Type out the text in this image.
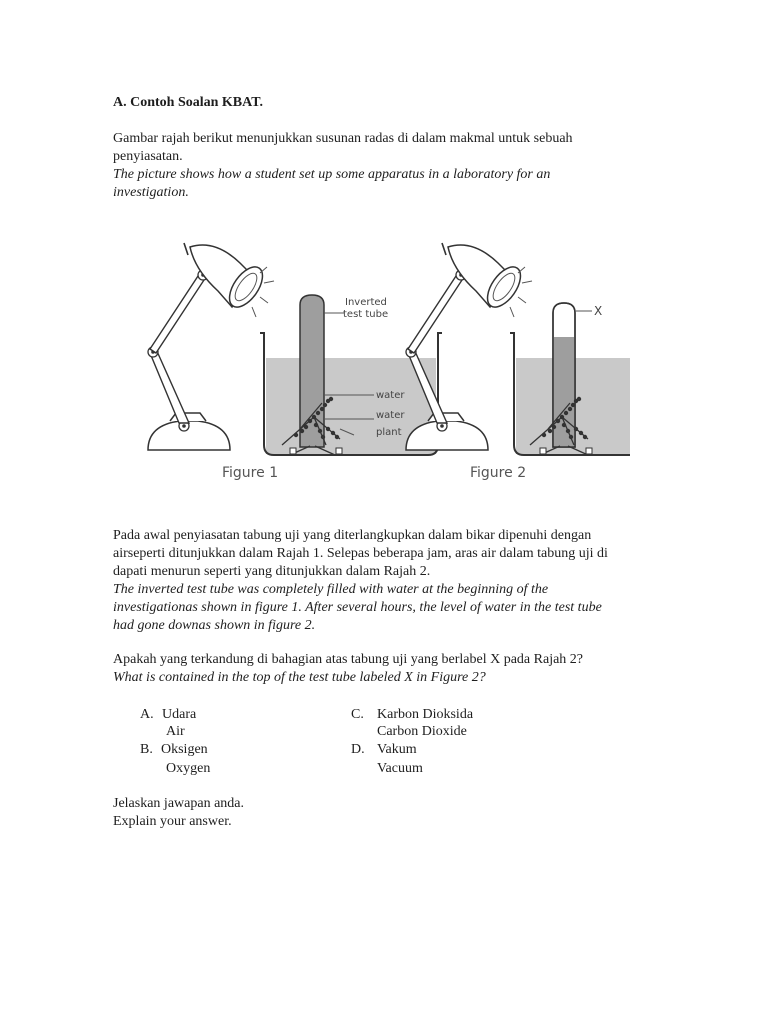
A. Contoh Soalan KBAT.
Gambar rajah berikut menunjukkan susunan radas di dalam makmal untuk sebuah
penyiasatan.
The picture shows how a student set up some apparatus in a laboratory for an
investigation.
Inverted
test tube
water
water
plant
Figure 1
X
Figure 2
Pada awal penyiasatan tabung uji yang diterlangkupkan dalam bikar dipenuhi dengan
airseperti ditunjukkan dalam Rajah 1. Selepas beberapa jam, aras air dalam tabung uji di
dapati menurun seperti yang ditunjukkan dalam Rajah 2.
The inverted test tube was completely filled with water at the beginning of the
investigationas shown in figure 1. After several hours, the level of water in the test tube
had gone downas shown in figure 2.
Apakah yang terkandung di bahagian atas tabung uji yang berlabel X pada Rajah 2?
What is contained in the top of the test tube labeled X in Figure 2?
A. Udara
Air
B. Oksigen
Oxygen
C. Karbon Dioksida
Carbon Dioxide
D. Vakum
Vacuum
Jelaskan jawapan anda.
Explain your answer.
